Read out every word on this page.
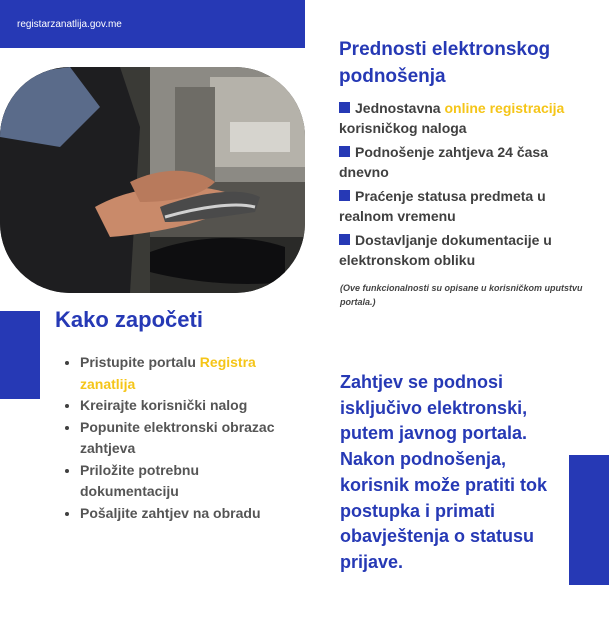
registarzanatlija.gov.me
Prednosti elektronskog podnošenja
Jednostavna online registracija korisničkog naloga
Podnošenje zahtjeva 24 časa dnevno
Praćenje statusa predmeta u realnom vremenu
Dostavljanje dokumentacije u elektronskom obliku
(Ove funkcionalnosti su opisane u korisničkom uputstvu portala.)
Kako započeti
• Pristupite portalu Registra zanatlija
• Kreirajte korisnički nalog
• Popunite elektronski obrazac zahtjeva
• Priložite potrebnu dokumentaciju
• Pošaljite zahtjev na obradu
Zahtjev se podnosi isključivo elektronski, putem javnog portala. Nakon podnošenja, korisnik može pratiti tok postupka i primati obavještenja o statusu prijave.
